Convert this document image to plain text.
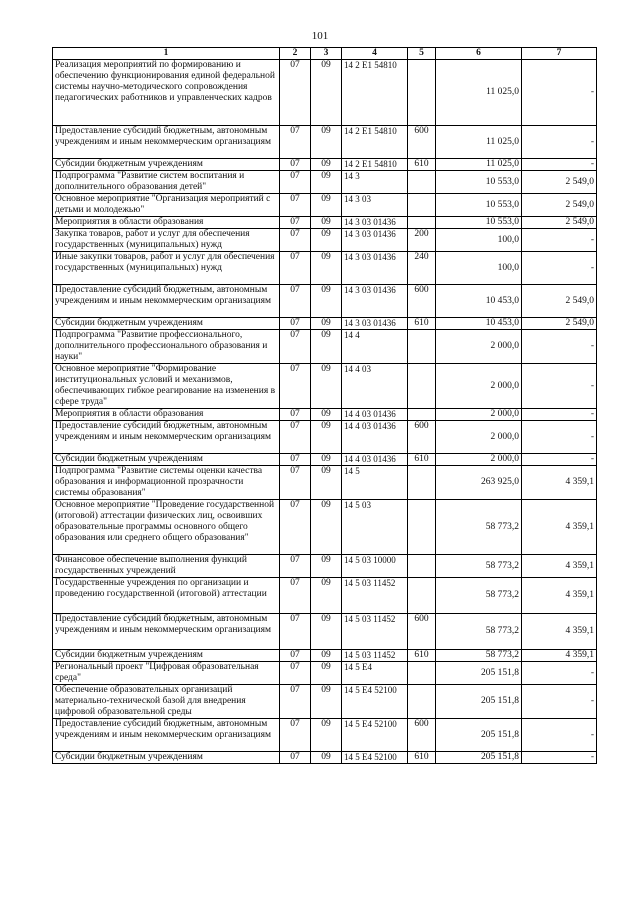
101
1	2	3	4	5	6	7
Реализация мероприятий по формированию и обеспечению функционирования единой федеральной системы научно-методического сопровождения педагогических работников и управленческих кадров	07	09	14 2 E1 54810		11 025,0	-
Предоставление субсидий бюджетным, автономным учреждениям и иным некоммерческим организациям	07	09	14 2 E1 54810	600	11 025,0	-
Субсидии бюджетным учреждениям	07	09	14 2 E1 54810	610	11 025,0	-
Подпрограмма "Развитие систем воспитания и дополнительного образования детей"	07	09	14 3		10 553,0	2 549,0
Основное мероприятие "Организация мероприятий с детьми и молодежью"	07	09	14 3 03		10 553,0	2 549,0
Мероприятия в области образования	07	09	14 3 03 01436		10 553,0	2 549,0
Закупка товаров, работ и услуг для обеспечения государственных (муниципальных) нужд	07	09	14 3 03 01436	200	100,0	-
Иные закупки товаров, работ и услуг для обеспечения государственных (муниципальных) нужд	07	09	14 3 03 01436	240	100,0	-
Предоставление субсидий бюджетным, автономным учреждениям и иным некоммерческим организациям	07	09	14 3 03 01436	600	10 453,0	2 549,0
Субсидии бюджетным учреждениям	07	09	14 3 03 01436	610	10 453,0	2 549,0
Подпрограмма "Развитие профессионального, дополнительного профессионального образования и науки"	07	09	14 4		2 000,0	-
Основное мероприятие "Формирование институциональных условий и механизмов, обеспечивающих гибкое реагирование на изменения в сфере труда"	07	09	14 4 03		2 000,0	-
Мероприятия в области образования	07	09	14 4 03 01436		2 000,0	-
Предоставление субсидий бюджетным, автономным учреждениям и иным некоммерческим организациям	07	09	14 4 03 01436	600	2 000,0	-
Субсидии бюджетным учреждениям	07	09	14 4 03 01436	610	2 000,0	-
Подпрограмма "Развитие системы оценки качества образования и информационной прозрачности системы образования"	07	09	14 5		263 925,0	4 359,1
Основное мероприятие "Проведение государственной (итоговой) аттестации физических лиц, освоивших образовательные программы основного общего образования или среднего общего образования"	07	09	14 5 03		58 773,2	4 359,1
Финансовое обеспечение выполнения функций государственных учреждений	07	09	14 5 03 10000		58 773,2	4 359,1
Государственные учреждения по организации и проведению государственной (итоговой) аттестации	07	09	14 5 03 11452		58 773,2	4 359,1
Предоставление субсидий бюджетным, автономным учреждениям и иным некоммерческим организациям	07	09	14 5 03 11452	600	58 773,2	4 359,1
Субсидии бюджетным учреждениям	07	09	14 5 03 11452	610	58 773,2	4 359,1
Региональный проект "Цифровая образовательная среда"	07	09	14 5 E4		205 151,8	-
Обеспечение образовательных организаций материально-технической базой для внедрения цифровой образовательной среды	07	09	14 5 E4 52100		205 151,8	-
Предоставление субсидий бюджетным, автономным учреждениям и иным некоммерческим организациям	07	09	14 5 E4 52100	600	205 151,8	-
Субсидии бюджетным учреждениям	07	09	14 5 E4 52100	610	205 151,8	-
